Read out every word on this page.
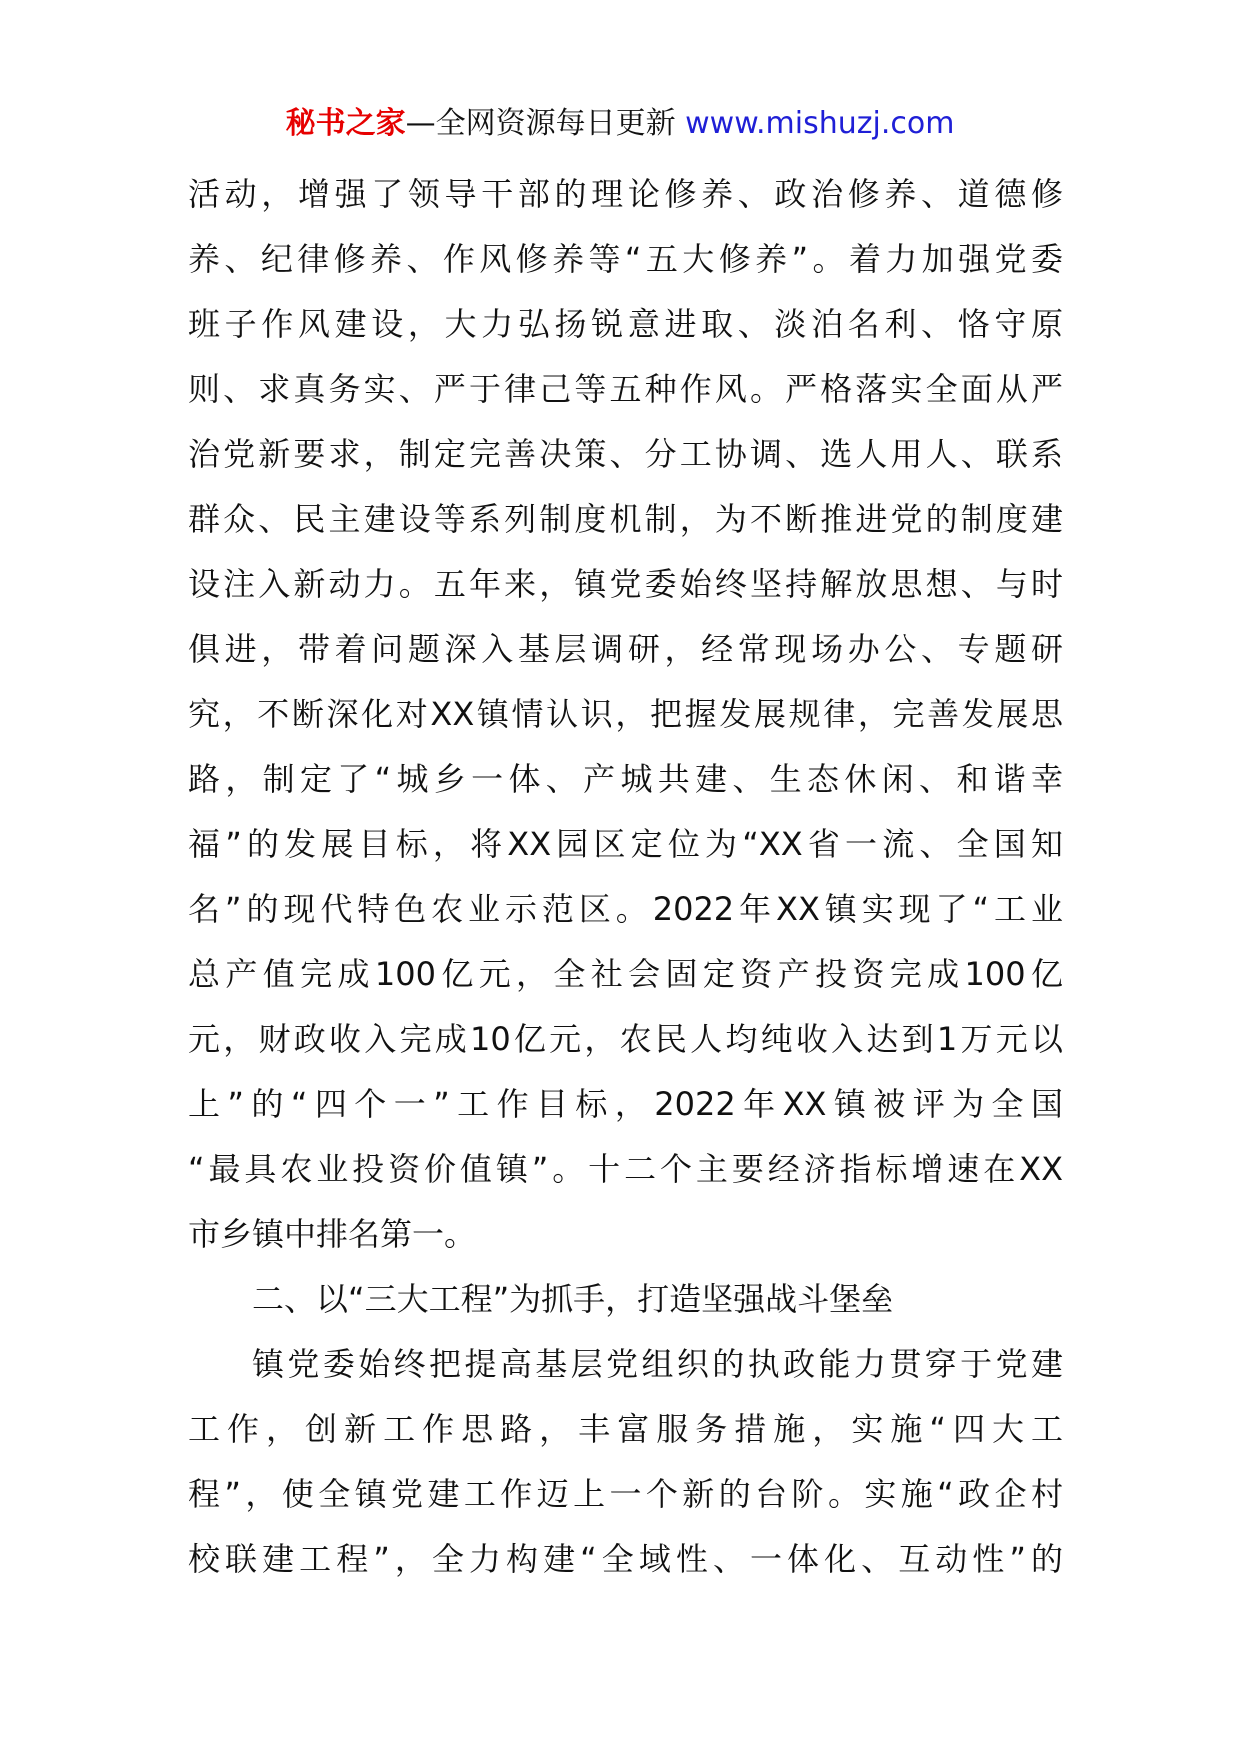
秘书之家—全网资源每日更新 www.mishuzj.com
活动，增强了领导干部的理论修养、政治修养、道德修
养、纪律修养、作风修养等“五大修养”。着力加强党委
班子作风建设，大力弘扬锐意进取、淡泊名利、恪守原
则、求真务实、严于律己等五种作风。严格落实全面从严
治党新要求，制定完善决策、分工协调、选人用人、联系
群众、民主建设等系列制度机制，为不断推进党的制度建
设注入新动力。五年来，镇党委始终坚持解放思想、与时
俱进，带着问题深入基层调研，经常现场办公、专题研
究，不断深化对XX镇情认识，把握发展规律，完善发展思
路，制定了“城乡一体、产城共建、生态休闲、和谐幸
福”的发展目标，将XX园区定位为“XX省一流、全国知
名”的现代特色农业示范区。2022年XX镇实现了“工业
总产值完成100亿元，全社会固定资产投资完成100亿
元，财政收入完成10亿元，农民人均纯收入达到1万元以
上”的“四个一”工作目标，2022年XX镇被评为全国
“最具农业投资价值镇”。十二个主要经济指标增速在XX
市乡镇中排名第一。
二、以“三大工程”为抓手，打造坚强战斗堡垒
镇党委始终把提高基层党组织的执政能力贯穿于党建
工作，创新工作思路，丰富服务措施，实施“四大工
程”，使全镇党建工作迈上一个新的台阶。实施“政企村
校联建工程”，全力构建“全域性、一体化、互动性”的
